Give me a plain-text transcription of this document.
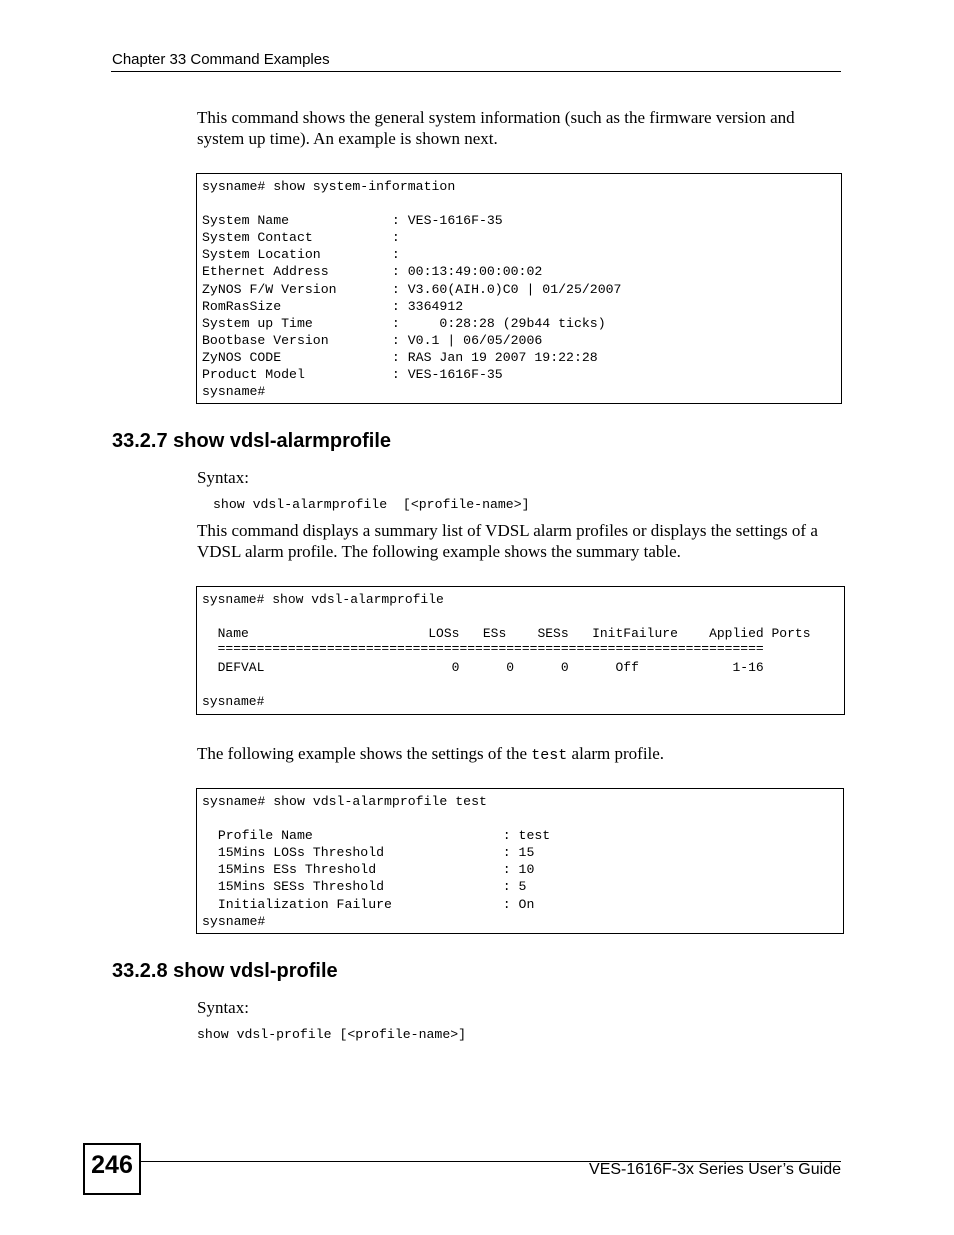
Chapter 33 Command Examples
This command shows the general system information (such as the firmware version and
system up time). An example is shown next.
sysname# show system-information

System Name             : VES-1616F-35
System Contact          :
System Location         :
Ethernet Address        : 00:13:49:00:00:02
ZyNOS F/W Version       : V3.60(AIH.0)C0 | 01/25/2007
RomRasSize              : 3364912
System up Time          :     0:28:28 (29b44 ticks)
Bootbase Version        : V0.1 | 06/05/2006
ZyNOS CODE              : RAS Jan 19 2007 19:22:28
Product Model           : VES-1616F-35
sysname#
33.2.7 show vdsl-alarmprofile
Syntax:
show vdsl-alarmprofile  [<profile-name>]
This command displays a summary list of VDSL alarm profiles or displays the settings of a
VDSL alarm profile. The following example shows the summary table.
sysname# show vdsl-alarmprofile

Name                       LOSs   ESs    SESs   InitFailure    Applied Ports
======================================================================
DEFVAL                        0      0      0      Off            1-16

sysname#
The following example shows the settings of the test alarm profile.
sysname# show vdsl-alarmprofile test

Profile Name                        : test
15Mins LOSs Threshold               : 15
15Mins ESs Threshold                : 10
15Mins SESs Threshold               : 5
Initialization Failure              : On
sysname#
33.2.8 show vdsl-profile
Syntax:
show vdsl-profile [<profile-name>]
246	VES-1616F-3x Series User’s Guide
